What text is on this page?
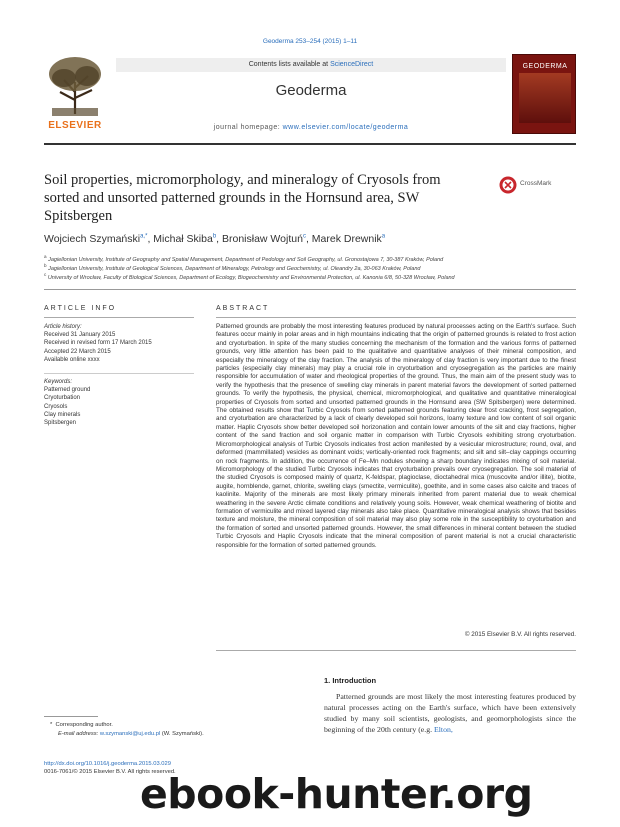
Geoderma 253–254 (2015) 1–11
ELSEVIER
Contents lists available at ScienceDirect
Geoderma
journal homepage: www.elsevier.com/locate/geoderma
GEODERMA
Soil properties, micromorphology, and mineralogy of Cryosols from sorted and unsorted patterned grounds in the Hornsund area, SW Spitsbergen
CrossMark
Wojciech Szymański$^{a,*}$, Michał Skiba$^b$, Bronisław Wojtuń$^c$, Marek Drewnik$^a$
$^a$ Jagiellonian University, Institute of Geography and Spatial Management, Department of Pedology and Soil Geography, ul. Gronostajowa 7, 30-387 Kraków, Poland
$^b$ Jagiellonian University, Institute of Geological Sciences, Department of Mineralogy, Petrology and Geochemistry, ul. Oleandry 2a, 30-063 Kraków, Poland
$^c$ University of Wrocław, Faculty of Biological Sciences, Department of Ecology, Biogeochemistry and Environmental Protection, ul. Kanonia 6/8, 50-328 Wrocław, Poland
ARTICLE INFO	ABSTRACT
Article history:
Received 31 January 2015
Received in revised form 17 March 2015
Accepted 22 March 2015
Available online xxxx
Keywords:
Patterned ground
Cryoturbation
Cryosols
Clay minerals
Spitsbergen

Patterned grounds are probably the most interesting features produced by natural processes acting on the Earth's surface. Such features occur mainly in polar areas and in high mountains indicating that the origin of patterned grounds is related to frost action and cryoturbation. In spite of the many studies concerning the mechanism of the formation and the various forms of patterned grounds, very little attention has been paid to the qualitative and quantitative analyses of their mineral composition, and especially the mineralogy of the clay fraction. The analysis of the mineralogy of clay fraction is very important due to the finest particles (especially clay minerals) may play a crucial role in cryoturbation and cryosegregation as the particles are mainly responsible for accumulation of water and rheological properties of the ground. Thus, the main aim of the present study was to verify the hypothesis that the presence of swelling clay minerals in parent material favors the development of sorted patterned grounds. To verify the hypothesis, the physical, chemical, micromorphological, and qualitative and quantitative mineralogical properties of Cryosols from sorted and unsorted patterned grounds in the Hornsund area (SW Spitsbergen) were determined. The obtained results show that Turbic Cryosols from sorted patterned grounds featuring clear frost cracking, frost segregation, and cryoturbation are characterized by a lack of clearly developed soil horizons, loamy texture and low content of soil organic matter. Haplic Cryosols show better developed soil horizonation and contain lower amounts of the silt and clay fractions, higher content of the sand fraction and soil organic matter in comparison with Turbic Cryosols exhibiting strong cryoturbation. Micromorphological analysis of Turbic Cryosols indicates frost action manifested by a vesicular microstructure; round, oval, and deformed (mammillated) vesicles as dominant voids; vertically-oriented rock fragments; and silt and silt–clay cappings occurring on rock fragments. In addition, the occurrence of Fe–Mn nodules showing a sharp boundary indicates mixing of soil material. Micromorphology of the studied Turbic Cryosols indicates that cryoturbation prevails over cryosegregation. The soil material of the studied Cryosols is composed mainly of quartz, K-feldspar, plagioclase, dioctahedral mica (muscovite and/or illite), biotite, augite, hornblende, garnet, chlorite, swelling clays (smectite, vermiculite), goethite, and in some cases also calcite and traces of kaolinite. Majority of the minerals are most likely primary minerals inherited from parent material due to weak chemical weathering in the severe Arctic climate conditions and relatively young soils. However, weak chemical weathering of biotite and formation of vermiculite and mixed layered clay minerals also take place. Quantitative mineralogical analysis shows that besides texture and moisture, the mineral composition of soil material may also play some role in the susceptibility to cryoturbation and the formation of sorted and unsorted patterned grounds. However, the small differences in mineral content between the studied Turbic Cryosols and Haplic Cryosols indicate that the mineral composition of parent material is not a crucial characteristic responsible for the formation of sorted patterned grounds.

© 2015 Elsevier B.V. All rights reserved.
1. Introduction

Patterned grounds are most likely the most interesting features produced by natural processes acting on the Earth's surface, which have been extensively studied by many soil scientists, geologists, and geomorphologists since the beginning of the 20th century (e.g. Elton,

* Corresponding author.
E-mail address: w.szymanski@uj.edu.pl (W. Szymański).
http://dx.doi.org/10.1016/j.geoderma.2015.03.029
0016-7061/© 2015 Elsevier B.V. All rights reserved.
ebook-hunter.org
